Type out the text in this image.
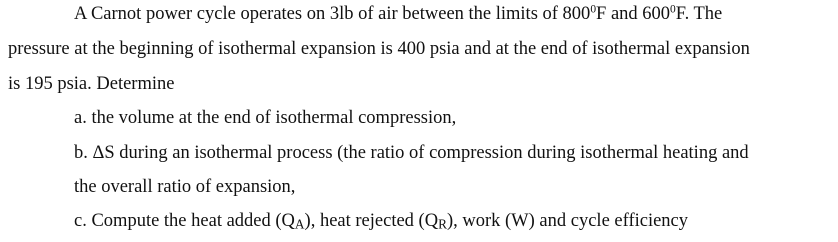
A Carnot power cycle operates on 3lb of air between the limits of $800^0F$ and $600^0F$. The

pressure at the beginning of isothermal expansion is 400 psia and at the end of isothermal expansion

is 195 psia. Determine

a. the volume at the end of isothermal compression,

b. ΔS during an isothermal process (the ratio of compression during isothermal heating and

the overall ratio of expansion,

c. Compute the heat added $(Q_A)$, heat rejected $(Q_R)$, work (W) and cycle efficiency
